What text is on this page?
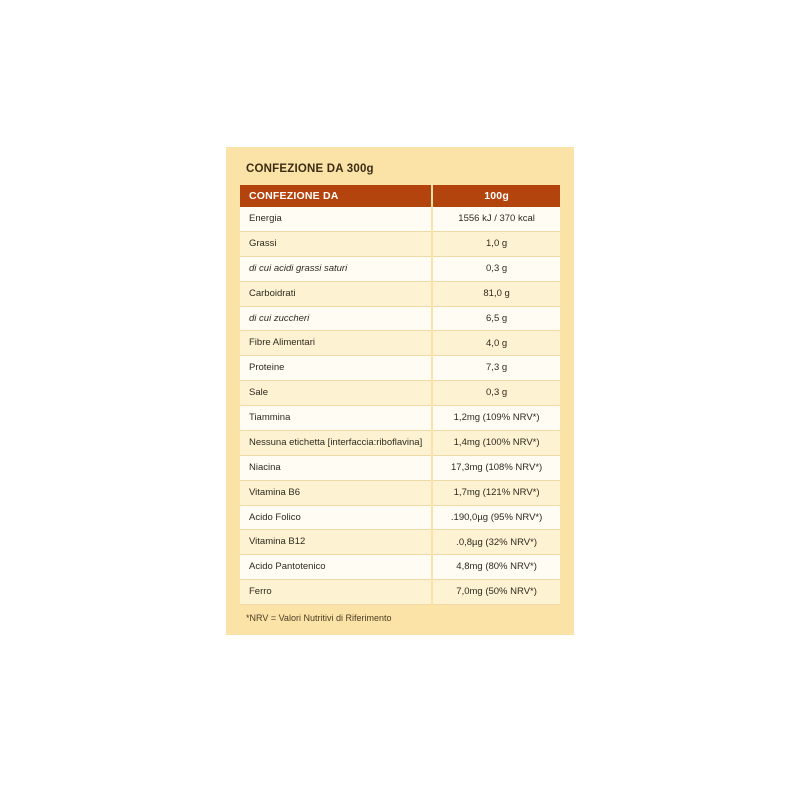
CONFEZIONE DA 300g
CONFEZIONE DA	100g
Energia	1556 kJ / 370 kcal
Grassi	1,0 g
di cui acidi grassi saturi	0,3 g
Carboidrati	81,0 g
di cui zuccheri	6,5 g
Fibre Alimentari	4,0 g
Proteine	7,3 g
Sale	0,3 g
Tiammina	1,2mg (109% NRV*)
Nessuna etichetta [interfaccia:riboflavina]	1,4mg (100% NRV*)
Niacina	17,3mg (108% NRV*)
Vitamina B6	1,7mg (121% NRV*)
Acido Folico	.190,0µg (95% NRV*)
Vitamina B12	.0,8µg (32% NRV*)
Acido Pantotenico	4,8mg (80% NRV*)
Ferro	7,0mg (50% NRV*)
*NRV = Valori Nutritivi di Riferimento
